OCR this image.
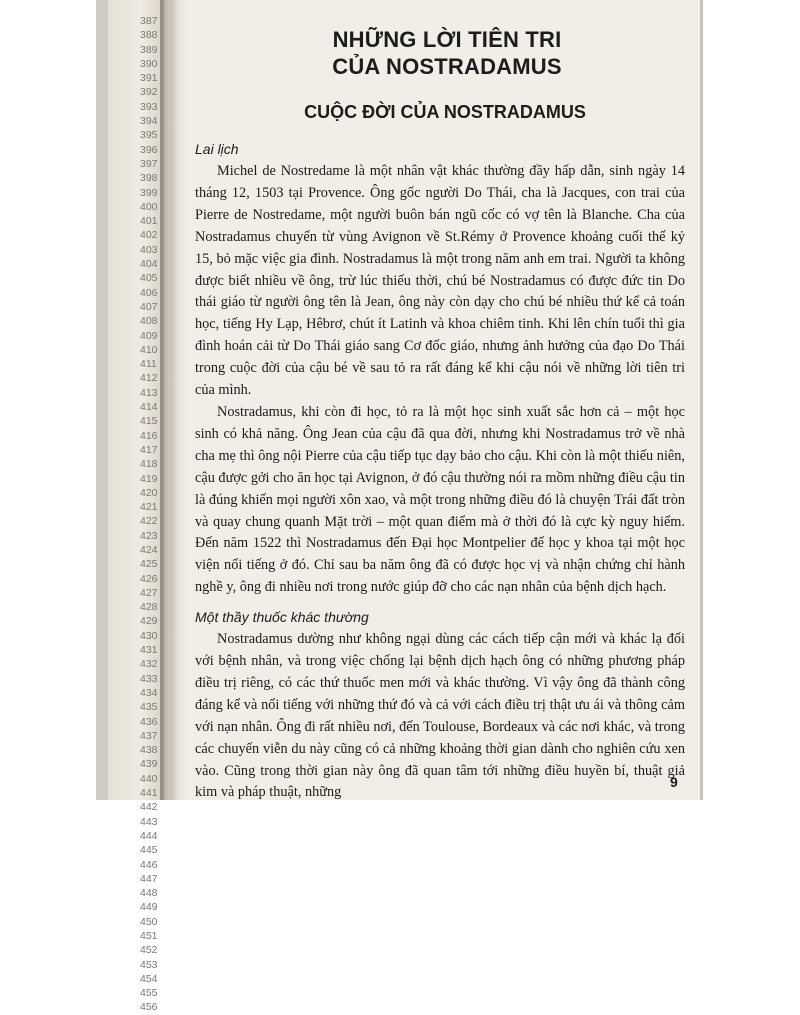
387
388
389
390
391
392
393
394
395
396
397
398
399
400
401
402
403
404
405
406
407
408
409
410
411
412
413
414
415
416
417
418
419
420
421
422
423
424
425
426
427
428
429
430
431
432
433
434
435
436
437
438
439
440
441
442
443
444
445
446
447
448
449
450
451
452
453
454
455
456
NHỮNG LỜI TIÊN TRI
CỦA NOSTRADAMUS
CUỘC ĐỜI CỦA NOSTRADAMUS
Lai lịch

Michel de Nostredame là một nhân vật khác thường đầy hấp dẫn, sinh ngày 14 tháng 12, 1503 tại Provence. Ông gốc người Do Thái, cha là Jacques, con trai của Pierre de Nostredame, một người buôn bán ngũ cốc có vợ tên là Blanche. Cha của Nostradamus chuyển từ vùng Avignon về St.Rémy ở Provence khoảng cuối thế kỷ 15, bỏ mặc việc gia đình. Nostradamus là một trong năm anh em trai. Người ta không được biết nhiều về ông, trừ lúc thiếu thời, chú bé Nostradamus có được đức tin Do thái giáo từ người ông tên là Jean, ông này còn dạy cho chú bé nhiều thứ kể cả toán học, tiếng Hy Lạp, Hêbrơ, chút ít Latinh và khoa chiêm tinh. Khi lên chín tuổi thì gia đình hoán cải từ Do Thái giáo sang Cơ đốc giáo, nhưng ảnh hưởng của đạo Do Thái trong cuộc đời của cậu bé về sau tỏ ra rất đáng kể khi cậu nói về những lời tiên tri của mình.

Nostradamus, khi còn đi học, tỏ ra là một học sinh xuất sắc hơn cả – một học sinh có khả năng. Ông Jean của cậu đã qua đời, nhưng khi Nostradamus trở về nhà cha mẹ thì ông nội Pierre của cậu tiếp tục dạy bảo cho cậu. Khi còn là một thiếu niên, cậu được gởi cho ăn học tại Avignon, ở đó cậu thường nói ra mồm những điều cậu tin là đúng khiến mọi người xôn xao, và một trong những điều đó là chuyện Trái đất tròn và quay chung quanh Mặt trời – một quan điểm mà ở thời đó là cực kỳ nguy hiểm. Đến năm 1522 thì Nostradamus đến Đại học Montpelier để học y khoa tại một học viện nổi tiếng ở đó. Chỉ sau ba năm ông đã có được học vị và nhận chứng chỉ hành nghề y, ông đi nhiều nơi trong nước giúp đỡ cho các nạn nhân của bệnh dịch hạch.

Một thầy thuốc khác thường

Nostradamus dường như không ngại dùng các cách tiếp cận mới và khác lạ đối với bệnh nhân, và trong việc chống lại bệnh dịch hạch ông có những phương pháp điều trị riêng, có các thứ thuốc men mới và khác thường. Vì vậy ông đã thành công đáng kể và nổi tiếng với những thứ đó và cả với cách điều trị thật ưu ái và thông cảm với nạn nhân. Ông đi rất nhiều nơi, đến Toulouse, Bordeaux và các nơi khác, và trong các chuyến viễn du này cũng có cả những khoảng thời gian dành cho nghiên cứu xen vào. Cũng trong thời gian này ông đã quan tâm tới những điều huyền bí, thuật giả kim và pháp thuật, những

9
